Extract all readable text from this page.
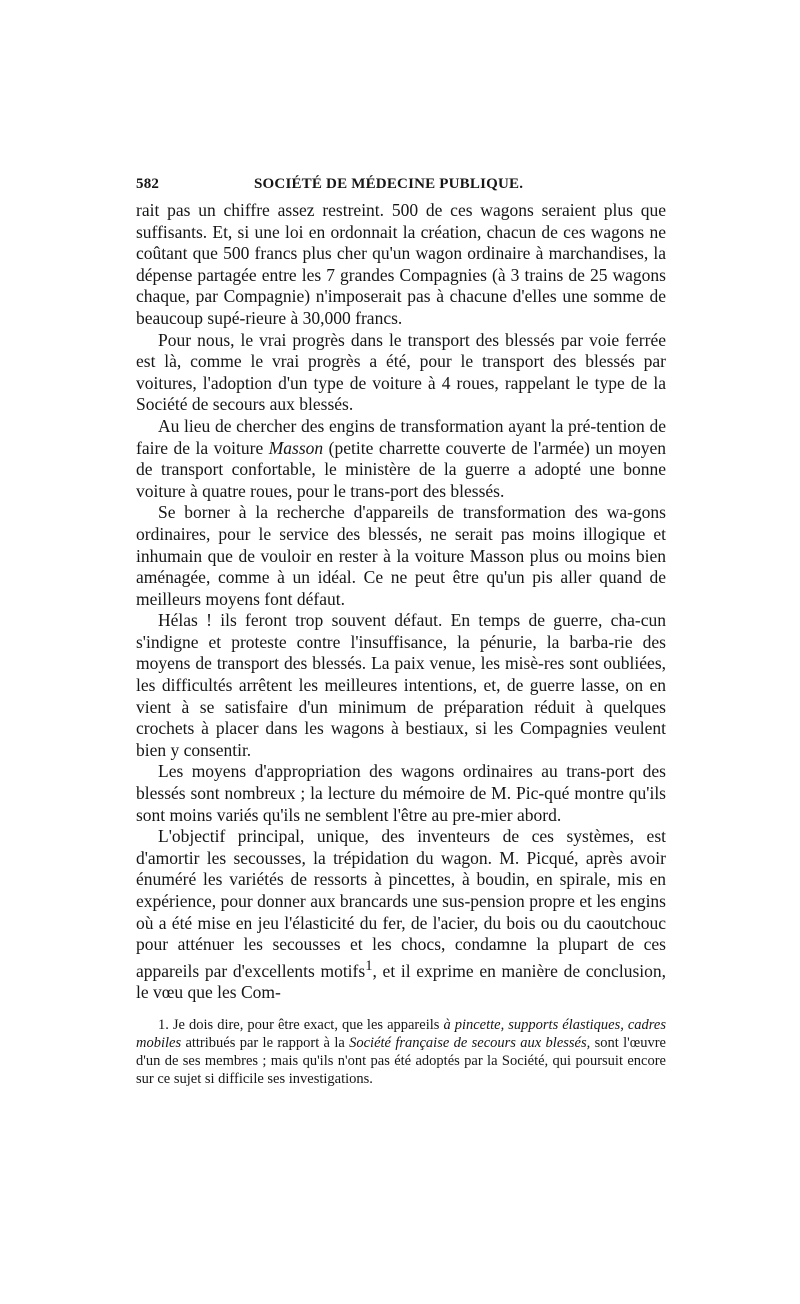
582	SOCIÉTÉ DE MÉDECINE PUBLIQUE.

rait pas un chiffre assez restreint. 500 de ces wagons seraient plus que suffisants. Et, si une loi en ordonnait la création, chacun de ces wagons ne coûtant que 500 francs plus cher qu'un wagon ordinaire à marchandises, la dépense partagée entre les 7 grandes Compagnies (à 3 trains de 25 wagons chaque, par Compagnie) n'imposerait pas à chacune d'elles une somme de beaucoup supé-rieure à 30,000 francs.

Pour nous, le vrai progrès dans le transport des blessés par voie ferrée est là, comme le vrai progrès a été, pour le transport des blessés par voitures, l'adoption d'un type de voiture à 4 roues, rappelant le type de la Société de secours aux blessés.

Au lieu de chercher des engins de transformation ayant la pré-tention de faire de la voiture Masson (petite charrette couverte de l'armée) un moyen de transport confortable, le ministère de la guerre a adopté une bonne voiture à quatre roues, pour le trans-port des blessés.

Se borner à la recherche d'appareils de transformation des wa-gons ordinaires, pour le service des blessés, ne serait pas moins illogique et inhumain que de vouloir en rester à la voiture Masson plus ou moins bien aménagée, comme à un idéal. Ce ne peut être qu'un pis aller quand de meilleurs moyens font défaut.

Hélas ! ils feront trop souvent défaut. En temps de guerre, cha-cun s'indigne et proteste contre l'insuffisance, la pénurie, la barba-rie des moyens de transport des blessés. La paix venue, les misè-res sont oubliées, les difficultés arrêtent les meilleures intentions, et, de guerre lasse, on en vient à se satisfaire d'un minimum de préparation réduit à quelques crochets à placer dans les wagons à bestiaux, si les Compagnies veulent bien y consentir.

Les moyens d'appropriation des wagons ordinaires au trans-port des blessés sont nombreux ; la lecture du mémoire de M. Pic-qué montre qu'ils sont moins variés qu'ils ne semblent l'être au pre-mier abord.

L'objectif principal, unique, des inventeurs de ces systèmes, est d'amortir les secousses, la trépidation du wagon. M. Picqué, après avoir énuméré les variétés de ressorts à pincettes, à boudin, en spirale, mis en expérience, pour donner aux brancards une sus-pension propre et les engins où a été mise en jeu l'élasticité du fer, de l'acier, du bois ou du caoutchouc pour atténuer les secousses et les chocs, condamne la plupart de ces appareils par d'excellents motifs$^1$, et il exprime en manière de conclusion, le vœu que les Com-

1. Je dois dire, pour être exact, que les appareils à pincette, supports élastiques, cadres mobiles attribués par le rapport à la Société française de secours aux blessés, sont l'œuvre d'un de ses membres ; mais qu'ils n'ont pas été adoptés par la Société, qui poursuit encore sur ce sujet si difficile ses investigations.
